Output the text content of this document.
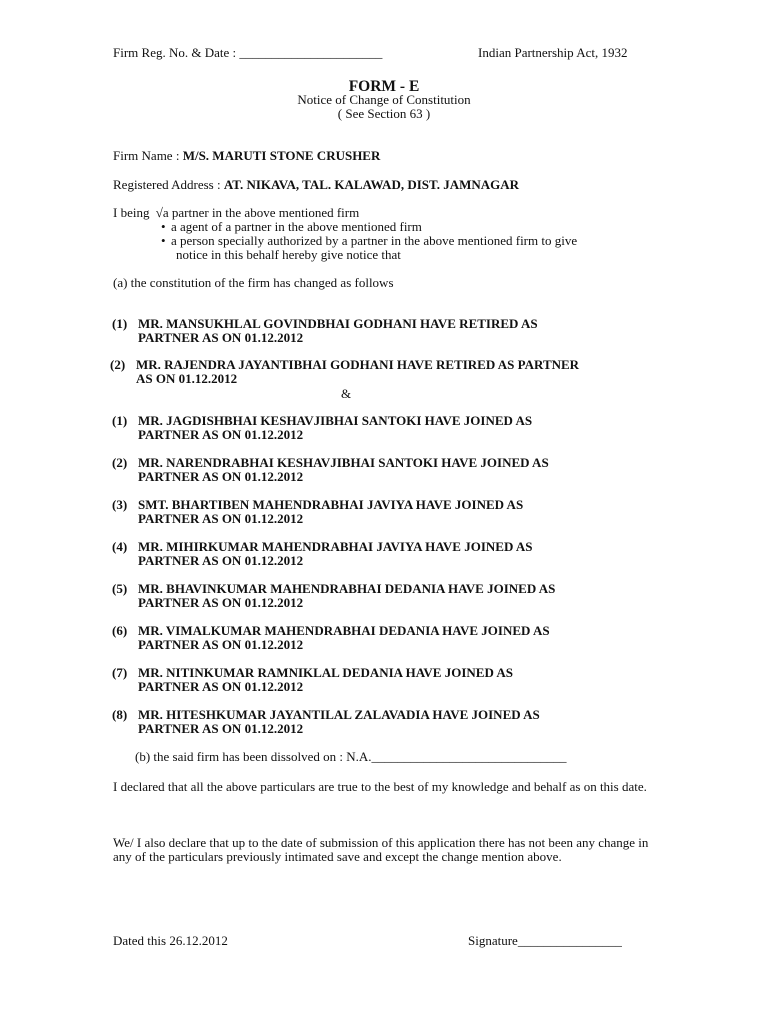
Firm Reg. No. & Date : ______________________	Indian Partnership Act, 1932
FORM - E
Notice of Change of Constitution
( See Section 63 )
Firm Name : M/S. MARUTI STONE CRUSHER
Registered Address : AT. NIKAVA, TAL. KALAWAD, DIST. JAMNAGAR
I being √a partner in the above mentioned firm
• a agent of a partner in the above mentioned firm
• a person specially authorized by a partner in the above mentioned firm to give
notice in this behalf hereby give notice that
(a) the constitution of the firm has changed as follows
(1) MR. MANSUKHLAL GOVINDBHAI GODHANI HAVE RETIRED AS
PARTNER AS ON 01.12.2012
(2) MR. RAJENDRA JAYANTIBHAI GODHANI HAVE RETIRED AS PARTNER
AS ON 01.12.2012
&
(1) MR. JAGDISHBHAI KESHAVJIBHAI SANTOKI HAVE JOINED AS
PARTNER AS ON 01.12.2012
(2) MR. NARENDRABHAI KESHAVJIBHAI SANTOKI HAVE JOINED AS
PARTNER AS ON 01.12.2012
(3) SMT. BHARTIBEN MAHENDRABHAI JAVIYA HAVE JOINED AS
PARTNER AS ON 01.12.2012
(4) MR. MIHIRKUMAR MAHENDRABHAI JAVIYA HAVE JOINED AS
PARTNER AS ON 01.12.2012
(5) MR. BHAVINKUMAR MAHENDRABHAI DEDANIA HAVE JOINED AS
PARTNER AS ON 01.12.2012
(6) MR. VIMALKUMAR MAHENDRABHAI DEDANIA HAVE JOINED AS
PARTNER AS ON 01.12.2012
(7) MR. NITINKUMAR RAMNIKLAL DEDANIA HAVE JOINED AS
PARTNER AS ON 01.12.2012
(8) MR. HITESHKUMAR JAYANTILAL ZALAVADIA HAVE JOINED AS
PARTNER AS ON 01.12.2012
(b) the said firm has been dissolved on : N.A.______________________________
I declared that all the above particulars are true to the best of my knowledge and behalf as on this date.
We/ I also declare that up to the date of submission of this application there has not been any change in any of the particulars previously intimated save and except the change mention above.
Dated this 26.12.2012	Signature________________
